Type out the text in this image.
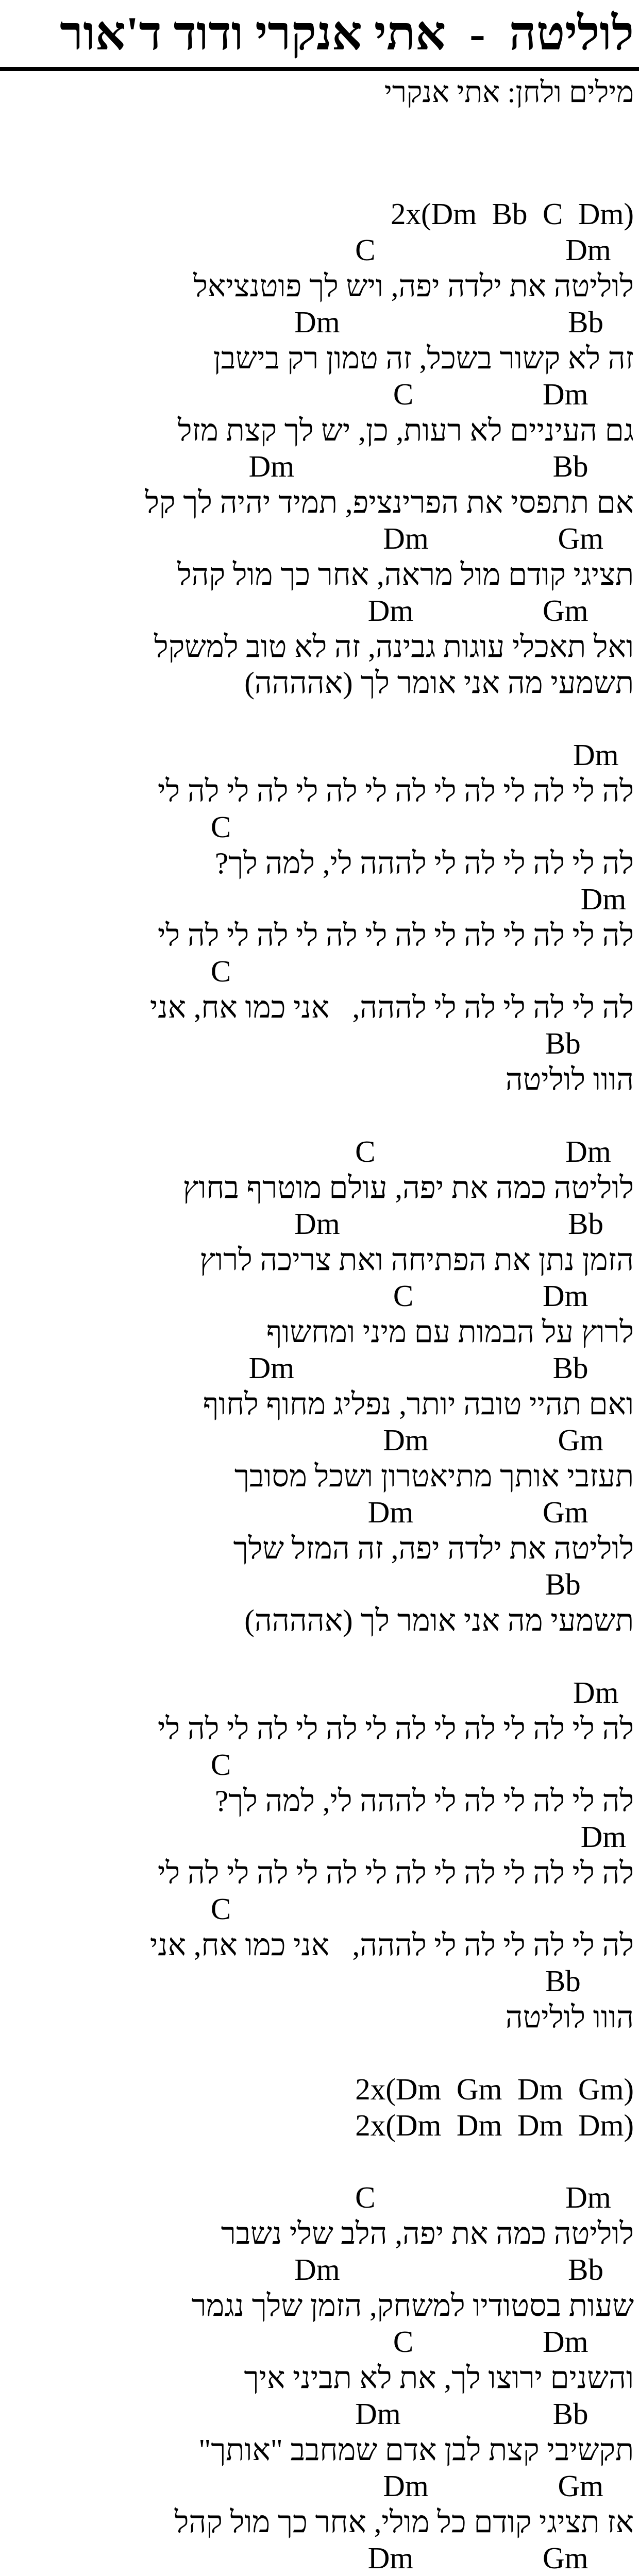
לוליטה  -  אתי אנקרי ודוד ד'אור
מילים ולחן: אתי אנקרי
2x(Dm  Bb  C  Dm)
C                         Dm
לוליטה את ילדה יפה, ויש לך פוטנציאל
Dm                              Bb
זה לא קשור בשכל, זה טמון רק בישבן
C                 Dm
גם העיניים לא רעות, כן, יש לך קצת מזל
Dm                                  Bb
אם תתפסי את הפרינציפ, תמיד יהיה לך קל
Dm                 Gm
תציגי קודם מול מראה, אחר כך מול קהל
Dm                 Gm
ואל תאכלי עוגות גבינה, זה לא טוב למשקל
תשמעי מה אני אומר לך (אהההה)
Dm
לה לי לה לי לה לי לה לי לה לי לה לי לה לי
C
לה לי לה לי לה לי לההה לי, למה לך?
Dm
לה לי לה לי לה לי לה לי לה לי לה לי לה לי
C
לה לי לה לי לה לי לההה,   אני כמו אח, אני
Bb
הווו לוליטה
C                         Dm
לוליטה כמה את יפה, עולם מוטרף בחוץ
Dm                              Bb
הזמן נתן את הפתיחה ואת צריכה לרוץ
C                 Dm
לרוץ על הבמות עם מיני ומחשוף
Dm                                  Bb
ואם תהיי טובה יותר, נפליג מחוף לחוף
Dm                 Gm
תעזבי אותך מתיאטרון ושכל מסובך
Dm                 Gm
לוליטה את ילדה יפה, זה המזל שלך
Bb
תשמעי מה אני אומר לך (אהההה)
Dm
לה לי לה לי לה לי לה לי לה לי לה לי לה לי
C
לה לי לה לי לה לי לההה לי, למה לך?
Dm
לה לי לה לי לה לי לה לי לה לי לה לי לה לי
C
לה לי לה לי לה לי לההה,   אני כמו אח, אני
Bb
הווו לוליטה
2x(Dm  Gm  Dm  Gm)
2x(Dm  Dm  Dm  Dm)
C                         Dm
לוליטה כמה את יפה, הלב שלי נשבר
Dm                              Bb
שעות בסטודיו למשחק, הזמן שלך נגמר
C                 Dm
והשנים ירוצו לך, את לא תביני איך
Dm                    Bb
תקשיבי קצת לבן אדם שמחבב "אותך"
Dm                 Gm
אז תציגי קודם כל מולי, אחר כך מול קהל
Dm                 Gm
